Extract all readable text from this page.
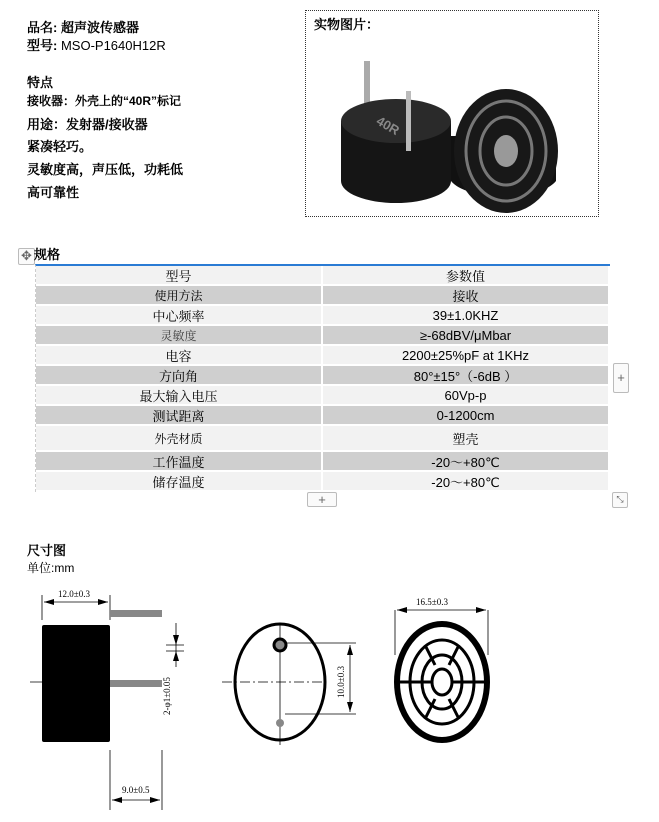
品名: 超声波传感器
型号: MSO-P1640H12R
特点
接收器：外壳上的“40R”标记
用途：发射器/接收器
紧凑轻巧。
灵敏度高，声压低，功耗低
高可靠性
实物图片：
40R
✥ 规格
型号	参数值
使用方法	接收
中心频率	39±1.0KHZ
灵敏度	≥-68dBV/μMbar
电容	2200±25%pF at 1KHz
方向角	80°±15°（-6dB ）
最大输入电压	60Vp-p
测试距离	0-1200cm
外壳材质	塑壳
工作温度	-20～+80℃
储存温度	-20～+80℃
+
+	⤡
尺寸图
单位:mm
12.0±0.3
9.0±0.5
16.5±0.3
2-φ1±0.05	10.0±0.3
